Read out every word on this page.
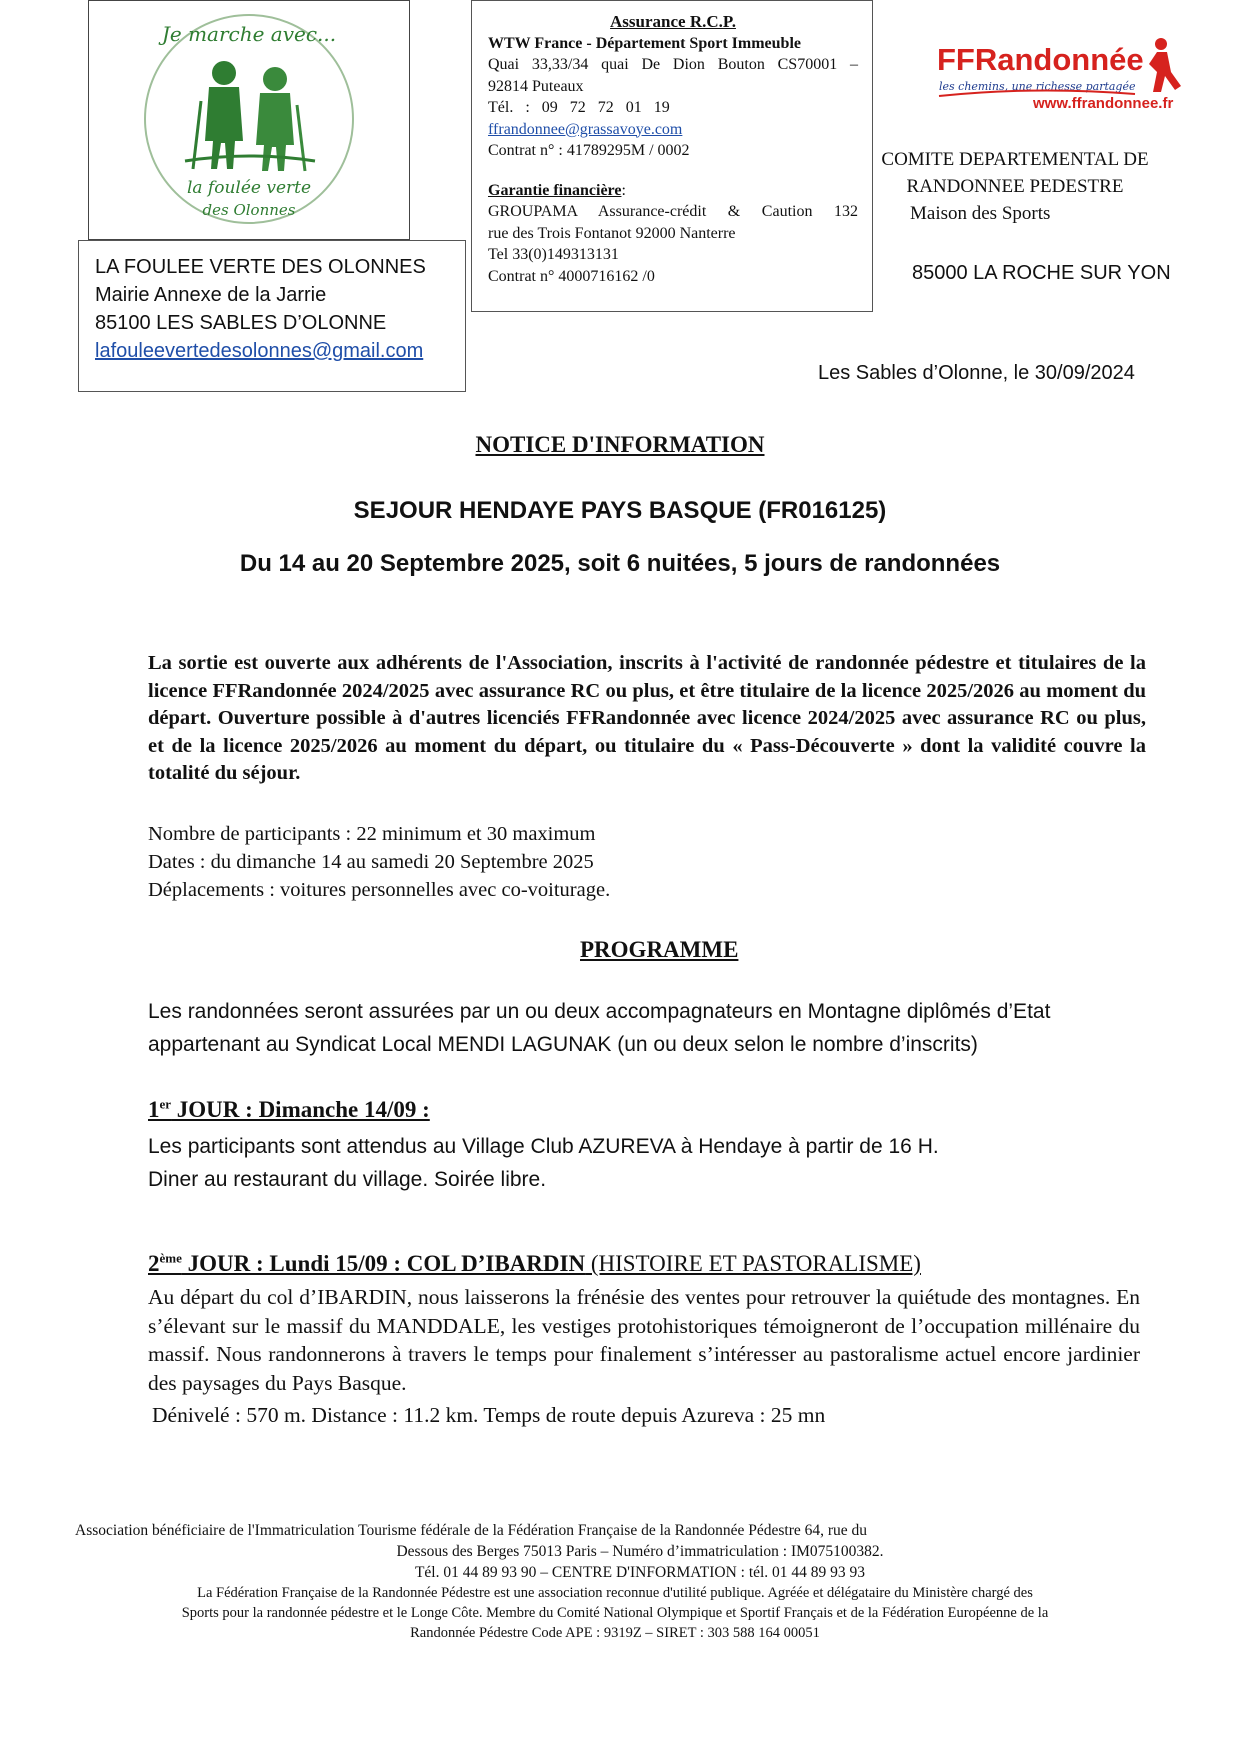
Je marche avec...
la foulée verte
des Olonnes
LA FOULEE VERTE DES OLONNES
Mairie Annexe de la Jarrie
85100 LES SABLES D’OLONNE
lafouleevertedesolonnes@gmail.com
Assurance R.C.P.
WTW France - Département Sport Immeuble
Quai 33,33/34 quai De Dion Bouton CS70001 –
92814 Puteaux
Tél.   :   09   72   72   01   19
ffrandonnee@grassavoye.com
Contrat n° : 41789295M / 0002
Garantie financière:
GROUPAMA Assurance-crédit & Caution 132
rue des Trois Fontanot 92000 Nanterre
Tel 33(0)149313131
Contrat n° 4000716162 /0
FFRandonnée
les chemins, une richesse partagée
www.ffrandonnee.fr
COMITE DEPARTEMENTAL DE
RANDONNEE PEDESTRE
Maison des Sports
85000 LA ROCHE SUR YON
Les Sables d’Olonne, le 30/09/2024
NOTICE D'INFORMATION
SEJOUR HENDAYE PAYS BASQUE (FR016125)
Du 14 au 20 Septembre 2025, soit 6 nuitées, 5 jours de randonnées
La sortie est ouverte aux adhérents de l'Association, inscrits à l'activité de randonnée pédestre et titulaires de la licence FFRandonnée 2024/2025 avec assurance RC ou plus, et être titulaire de la licence 2025/2026 au moment du départ. Ouverture possible à d'autres licenciés FFRandonnée avec licence 2024/2025 avec assurance RC ou plus, et de la licence 2025/2026 au moment du départ, ou titulaire du « Pass-Découverte » dont la validité couvre la totalité du séjour.
Nombre de participants : 22 minimum et 30 maximum
Dates : du dimanche 14 au samedi 20 Septembre 2025
Déplacements : voitures personnelles avec co-voiturage.
PROGRAMME
Les randonnées seront assurées par un ou deux accompagnateurs en Montagne diplômés d’Etat
appartenant au Syndicat Local MENDI LAGUNAK (un ou deux selon le nombre d’inscrits)
1er JOUR : Dimanche 14/09 :
Les participants sont attendus au Village Club AZUREVA à Hendaye à partir de 16 H.
Diner au restaurant du village. Soirée libre.
2ème JOUR : Lundi 15/09 : COL D’IBARDIN (HISTOIRE ET PASTORALISME)
Au départ du col d’IBARDIN, nous laisserons la frénésie des ventes pour retrouver la quiétude des montagnes. En s’élevant sur le massif du MANDDALE, les vestiges protohistoriques témoigneront de l’occupation millénaire du massif. Nous randonnerons à travers le temps pour finalement s’intéresser au pastoralisme actuel encore jardinier des paysages du Pays Basque.
Dénivelé : 570 m. Distance : 11.2 km. Temps de route depuis Azureva : 25 mn
Association bénéficiaire de l'Immatriculation Tourisme fédérale de la Fédération Française de la Randonnée Pédestre 64, rue du
Dessous des Berges 75013 Paris – Numéro d’immatriculation : IM075100382.
Tél. 01 44 89 93 90 – CENTRE D'INFORMATION : tél. 01 44 89 93 93
La Fédération Française de la Randonnée Pédestre est une association reconnue d'utilité publique. Agréée et délégataire du Ministère chargé des
Sports pour la randonnée pédestre et le Longe Côte. Membre du Comité National Olympique et Sportif Français et de la Fédération Européenne de la
Randonnée Pédestre Code APE : 9319Z – SIRET : 303 588 164 00051
